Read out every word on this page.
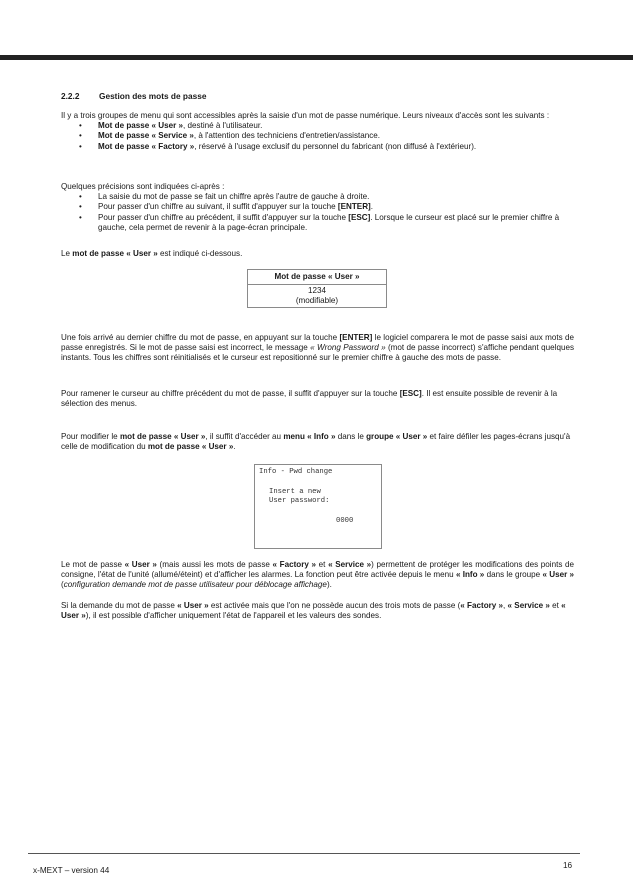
2.2.2 Gestion des mots de passe
Il y a trois groupes de menu qui sont accessibles après la saisie d'un mot de passe numérique. Leurs niveaux d'accès sont les suivants :
• Mot de passe « User », destiné à l'utilisateur.
• Mot de passe « Service », à l'attention des techniciens d'entretien/assistance.
• Mot de passe « Factory », réservé à l'usage exclusif du personnel du fabricant (non diffusé à l'extérieur).
Quelques précisions sont indiquées ci-après :
• La saisie du mot de passe se fait un chiffre après l'autre de gauche à droite.
• Pour passer d'un chiffre au suivant, il suffit d'appuyer sur la touche [ENTER].
• Pour passer d'un chiffre au précédent, il suffit d'appuyer sur la touche [ESC]. Lorsque le curseur est placé sur le premier chiffre à gauche, cela permet de revenir à la page-écran principale.
Le mot de passe « User » est indiqué ci-dessous.
Mot de passe « User »

1234
(modifiable)
Une fois arrivé au dernier chiffre du mot de passe, en appuyant sur la touche [ENTER] le logiciel comparera le mot de passe saisi aux mots de passe enregistrés. Si le mot de passe saisi est incorrect, le message « Wrong Password » (mot de passe incorrect) s'affiche pendant quelques instants. Tous les chiffres sont réinitialisés et le curseur est repositionné sur le premier chiffre à gauche des mots de passe.
Pour ramener le curseur au chiffre précédent du mot de passe, il suffit d'appuyer sur la touche [ESC]. Il est ensuite possible de revenir à la sélection des menus.
Pour modifier le mot de passe « User », il suffit d'accéder au menu « Info » dans le groupe « User » et faire défiler les pages-écrans jusqu'à celle de modification du mot de passe « User ».
Info - Pwd change
Insert a new
User password:
0000
Le mot de passe « User » (mais aussi les mots de passe « Factory » et « Service ») permettent de protéger les modifications des points de consigne, l'état de l'unité (allumé/éteint) et d'afficher les alarmes. La fonction peut être activée depuis le menu « Info » dans le groupe « User » (configuration demande mot de passe utilisateur pour déblocage affichage).
Si la demande du mot de passe « User » est activée mais que l'on ne possède aucun des trois mots de passe (« Factory », « Service » et « User »), il est possible d'afficher uniquement l'état de l'appareil et les valeurs des sondes.
x-MEXT – version 44
16
